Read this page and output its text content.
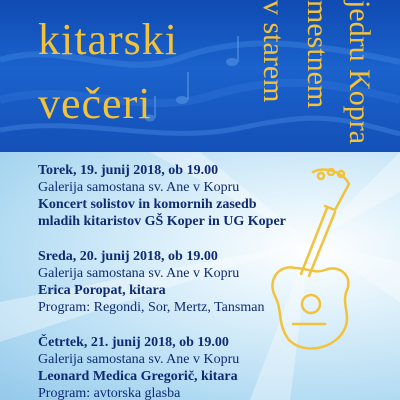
kitarski
večeri
v starem mestnem jedru Kopra
Torek, 19. junij 2018, ob 19.00
Galerija samostana sv. Ane v Kopru
Koncert solistov in komornih zasedb
mladih kitaristov GŠ Koper in UG Koper
Sreda, 20. junij 2018, ob 19.00
Galerija samostana sv. Ane v Kopru
Erica Poropat, kitara
Program: Regondi, Sor, Mertz, Tansman
Četrtek, 21. junij 2018, ob 19.00
Galerija samostana sv. Ane v Kopru
Leonard Medica Gregorič, kitara
Program: avtorska glasba
